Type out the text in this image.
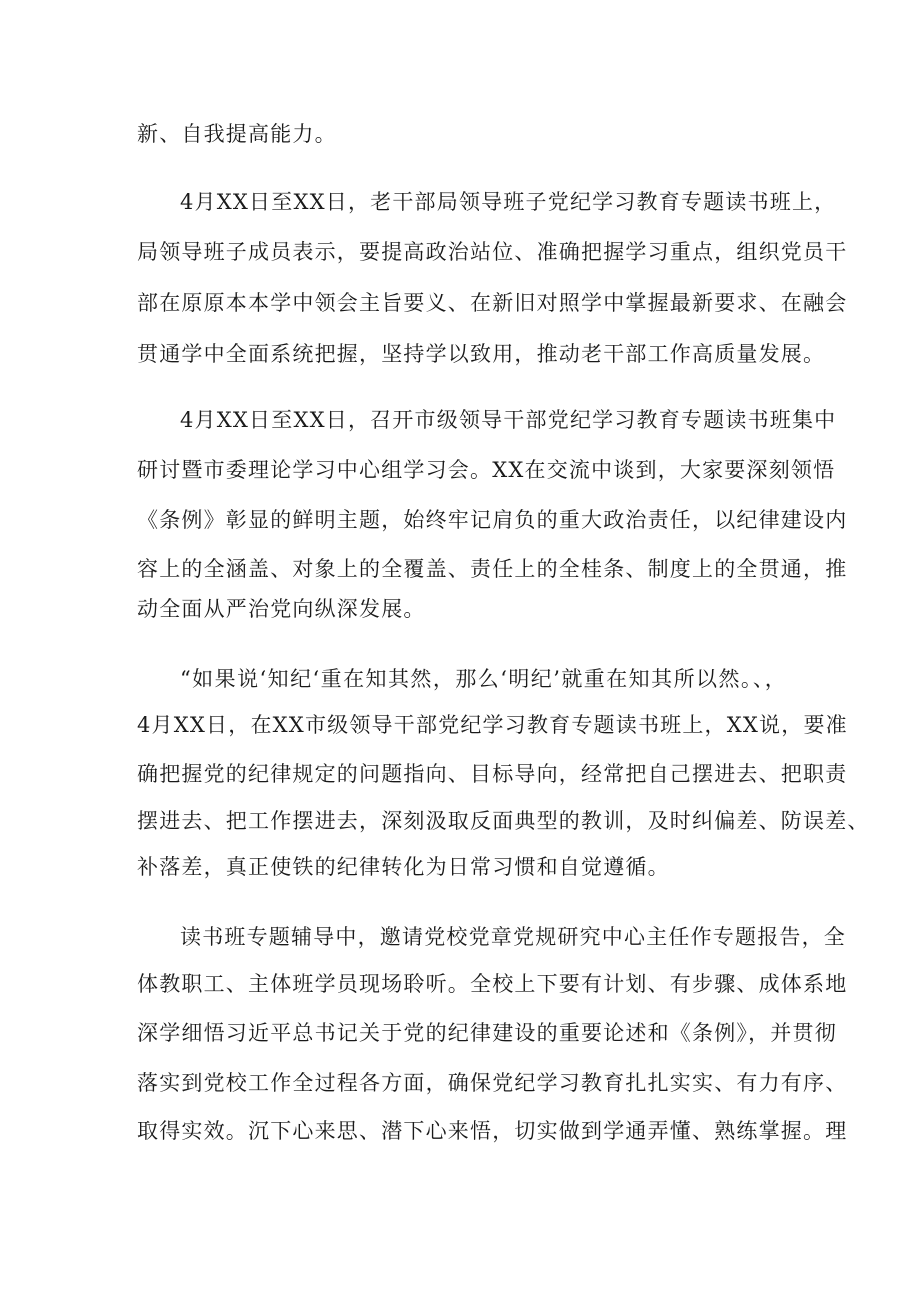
新、自我提高能力。
4月XX日至XX日，老干部局领导班子党纪学习教育专题读书班上，
局领导班子成员表示，要提高政治站位、准确把握学习重点，组织党员干
部在原原本本学中领会主旨要义、在新旧对照学中掌握最新要求、在融会
贯通学中全面系统把握，坚持学以致用，推动老干部工作高质量发展。
4月XX日至XX日，召开市级领导干部党纪学习教育专题读书班集中
研讨暨市委理论学习中心组学习会。XX在交流中谈到，大家要深刻领悟
《条例》彰显的鲜明主题，始终牢记肩负的重大政治责任，以纪律建设内
容上的全涵盖、对象上的全覆盖、责任上的全桂条、制度上的全贯通，推
动全面从严治党向纵深发展。
“如果说‘知纪‘重在知其然，那么‘明纪’就重在知其所以然。、，
4月XX日，在XX市级领导干部党纪学习教育专题读书班上，XX说，要准
确把握党的纪律规定的问题指向、目标导向，经常把自己摆进去、把职责
摆进去、把工作摆进去，深刻汲取反面典型的教训，及时纠偏差、防误差、
补落差，真正使铁的纪律转化为日常习惯和自觉遵循。
读书班专题辅导中，邀请党校党章党规研究中心主任作专题报告，全
体教职工、主体班学员现场聆听。全校上下要有计划、有步骤、成体系地
深学细悟习近平总书记关于党的纪律建设的重要论述和《条例》，并贯彻
落实到党校工作全过程各方面，确保党纪学习教育扎扎实实、有力有序、
取得实效。沉下心来思、潜下心来悟，切实做到学通弄懂、熟练掌握。理
